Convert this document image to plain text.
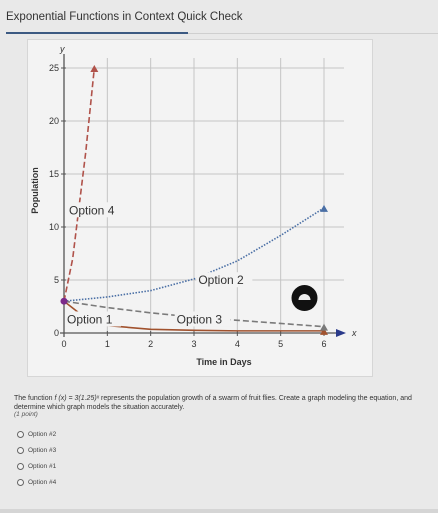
Exponential Functions in Context Quick Check
0	1	2	3	4	5	6
0
5
10
15
20
25
Time in Days
Population
x
y
Option 1
Option 2
Option 3
Option 4
The function f (x) = 3(1.25)ˣ represents the population growth of a swarm of fruit flies. Create a graph modeling the equation, and determine which graph models the situation accurately.
(1 point)
Option #2
Option #3
Option #1
Option #4
